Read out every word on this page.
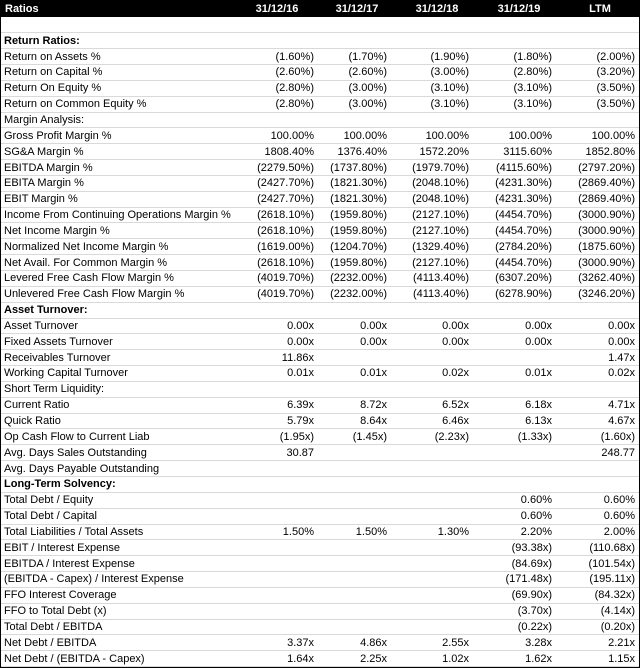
Ratios	31/12/16	31/12/17	31/12/18	31/12/19	LTM

Return Ratios:					
Return on Assets %	(1.60%)	(1.70%)	(1.90%)	(1.80%)	(2.00%)
Return on Capital %	(2.60%)	(2.60%)	(3.00%)	(2.80%)	(3.20%)
Return On Equity %	(2.80%)	(3.00%)	(3.10%)	(3.10%)	(3.50%)
Return on Common Equity %	(2.80%)	(3.00%)	(3.10%)	(3.10%)	(3.50%)
Margin Analysis:					
Gross Profit Margin %	100.00%	100.00%	100.00%	100.00%	100.00%
SG&A Margin %	1808.40%	1376.40%	1572.20%	3115.60%	1852.80%
EBITDA Margin %	(2279.50%)	(1737.80%)	(1979.70%)	(4115.60%)	(2797.20%)
EBITA Margin %	(2427.70%)	(1821.30%)	(2048.10%)	(4231.30%)	(2869.40%)
EBIT Margin %	(2427.70%)	(1821.30%)	(2048.10%)	(4231.30%)	(2869.40%)
Income From Continuing Operations Margin %	(2618.10%)	(1959.80%)	(2127.10%)	(4454.70%)	(3000.90%)
Net Income Margin %	(2618.10%)	(1959.80%)	(2127.10%)	(4454.70%)	(3000.90%)
Normalized Net Income Margin %	(1619.00%)	(1204.70%)	(1329.40%)	(2784.20%)	(1875.60%)
Net Avail. For Common Margin %	(2618.10%)	(1959.80%)	(2127.10%)	(4454.70%)	(3000.90%)
Levered Free Cash Flow Margin %	(4019.70%)	(2232.00%)	(4113.40%)	(6307.20%)	(3262.40%)
Unlevered Free Cash Flow Margin %	(4019.70%)	(2232.00%)	(4113.40%)	(6278.90%)	(3246.20%)
Asset Turnover:					
Asset Turnover	0.00x	0.00x	0.00x	0.00x	0.00x
Fixed Assets Turnover	0.00x	0.00x	0.00x	0.00x	0.00x
Receivables Turnover	11.86x				1.47x
Working Capital Turnover	0.01x	0.01x	0.02x	0.01x	0.02x
Short Term Liquidity:					
Current Ratio	6.39x	8.72x	6.52x	6.18x	4.71x
Quick Ratio	5.79x	8.64x	6.46x	6.13x	4.67x
Op Cash Flow to Current Liab	(1.95x)	(1.45x)	(2.23x)	(1.33x)	(1.60x)
Avg. Days Sales Outstanding	30.87				248.77
Avg. Days Payable Outstanding					
Long-Term Solvency:					
Total Debt / Equity				0.60%	0.60%
Total Debt / Capital				0.60%	0.60%
Total Liabilities / Total Assets	1.50%	1.50%	1.30%	2.20%	2.00%
EBIT / Interest Expense				(93.38x)	(110.68x)
EBITDA / Interest Expense				(84.69x)	(101.54x)
(EBITDA - Capex) / Interest Expense				(171.48x)	(195.11x)
FFO Interest Coverage				(69.90x)	(84.32x)
FFO to Total Debt (x)				(3.70x)	(4.14x)
Total Debt / EBITDA				(0.22x)	(0.20x)
Net Debt / EBITDA	3.37x	4.86x	2.55x	3.28x	2.21x
Net Debt / (EBITDA - Capex)	1.64x	2.25x	1.02x	1.62x	1.15x
